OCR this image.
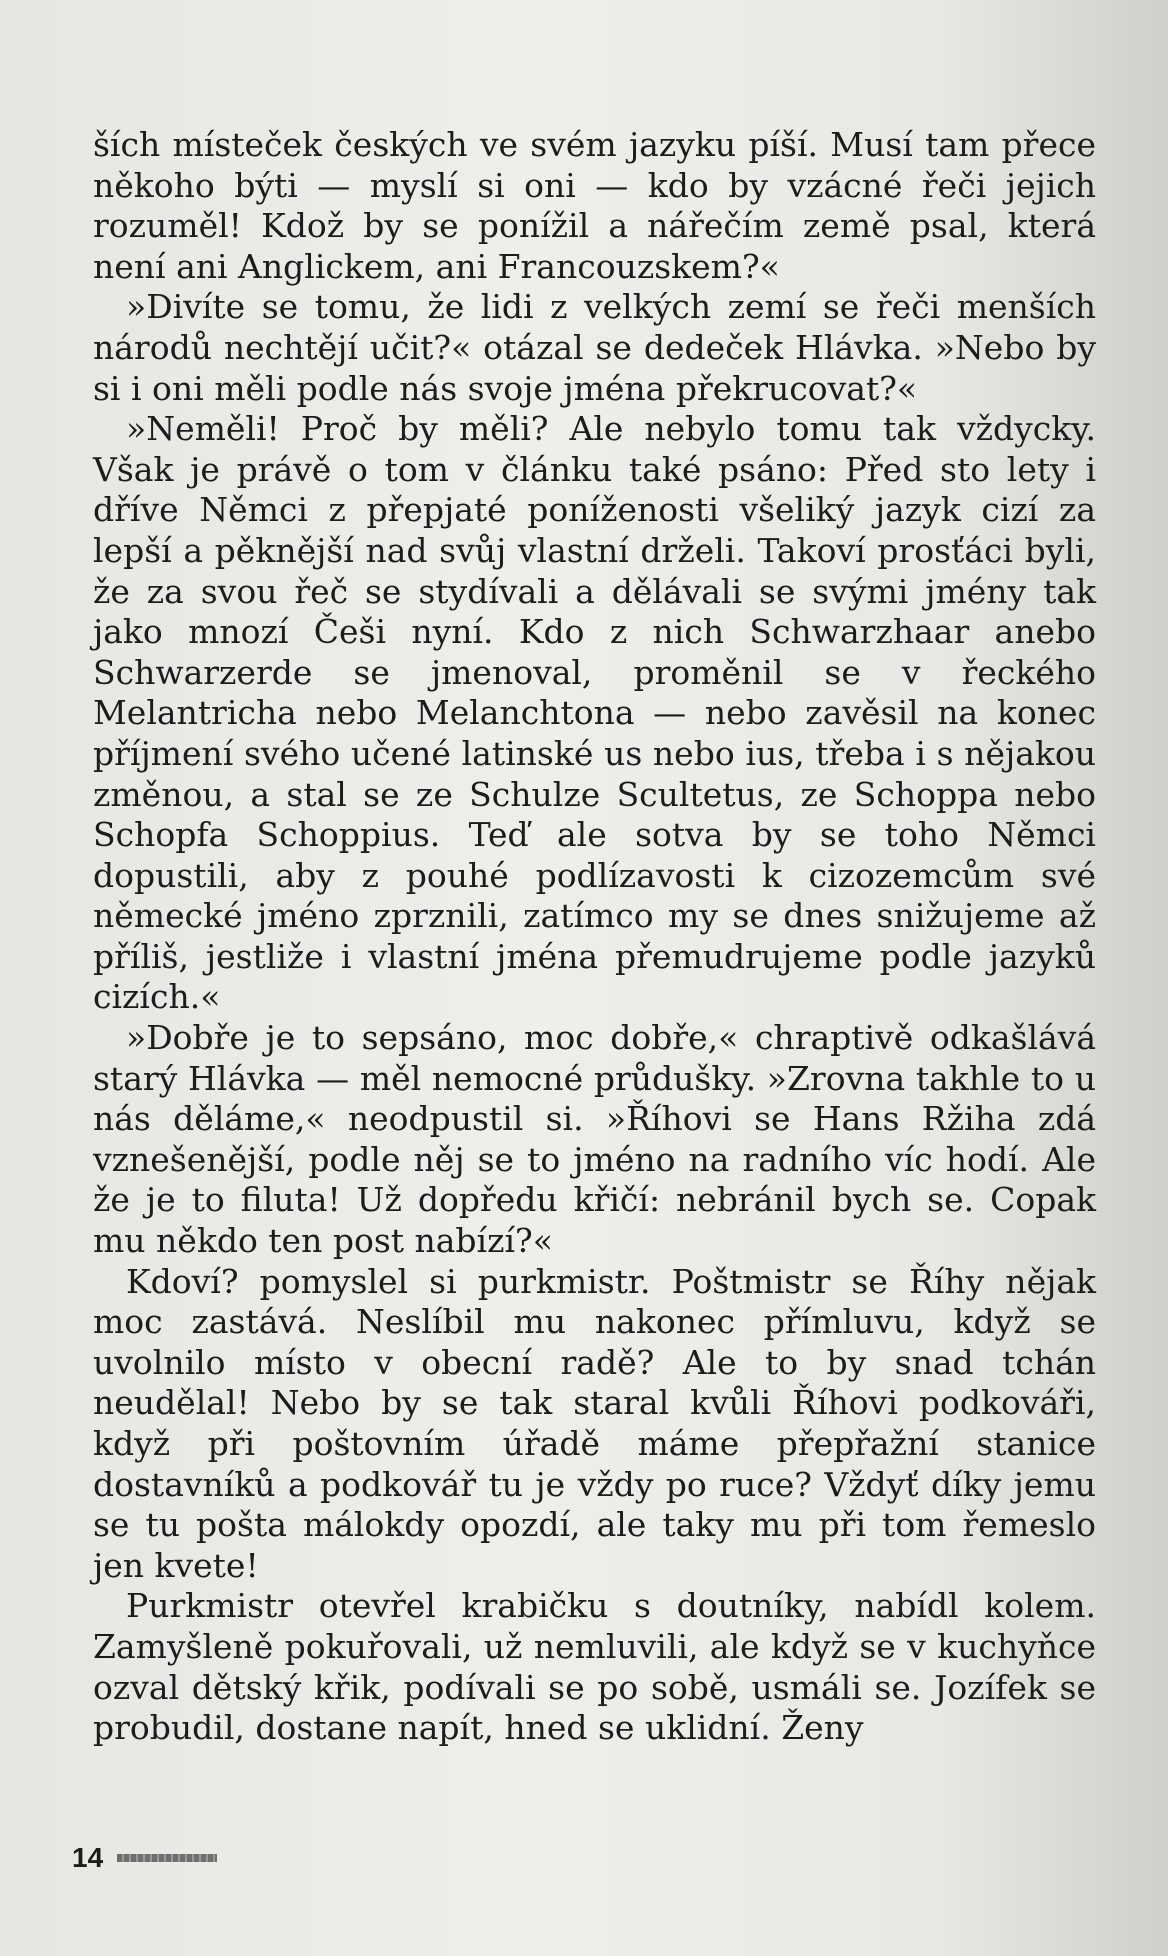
ších místeček českých ve svém jazyku píší. Musí tam přece někoho býti — myslí si oni — kdo by vzácné řeči jejich rozuměl! Kdož by se ponížil a nářečím země psal, která není ani Anglickem, ani Francouzskem?«

»Divíte se tomu, že lidi z velkých zemí se řeči menších národů nechtějí učit?« otázal se dedeček Hlávka. »Nebo by si i oni měli podle nás svoje jména překrucovat?«

»Neměli! Proč by měli? Ale nebylo tomu tak vždycky. Však je právě o tom v článku také psáno: Před sto lety i dříve Němci z přepjaté poníženosti všeliký jazyk cizí za lepší a pěknější nad svůj vlastní drželi. Takoví prosťáci byli, že za svou řeč se stydívali a dělávali se svými jmény tak jako mnozí Češi nyní. Kdo z nich Schwarzhaar anebo Schwarzerde se jmenoval, proměnil se v řeckého Melantricha nebo Melanchtona — nebo zavěsil na konec příjmení svého učené latinské us nebo ius, třeba i s nějakou změnou, a stal se ze Schulze Scultetus, ze Schoppa nebo Schopfa Schoppius. Teď ale sotva by se toho Němci dopustili, aby z pouhé podlízavosti k cizozemcům své německé jméno zprznili, zatímco my se dnes snižujeme až příliš, jestliže i vlastní jména přemudrujeme podle jazyků cizích.«

»Dobře je to sepsáno, moc dobře,« chraptivě odkašlává starý Hlávka — měl nemocné průdušky. »Zrovna takhle to u nás děláme,« neodpustil si. »Říhovi se Hans Ržiha zdá vznešenější, podle něj se to jméno na radního víc hodí. Ale že je to filuta! Už dopředu křičí: nebránil bych se. Copak mu někdo ten post nabízí?«

Kdoví? pomyslel si purkmistr. Poštmistr se Říhy nějak moc zastává. Neslíbil mu nakonec přímluvu, když se uvolnilo místo v obecní radě? Ale to by snad tchán neudělal! Nebo by se tak staral kvůli Říhovi podkováři, když při poštovním úřadě máme přepřažní stanice dostavníků a podkovář tu je vždy po ruce? Vždyť díky jemu se tu pošta málokdy opozdí, ale taky mu při tom řemeslo jen kvete!

Purkmistr otevřel krabičku s doutníky, nabídl kolem. Zamyšleně pokuřovali, už nemluvili, ale když se v kuchyňce ozval dětský křik, podívali se po sobě, usmáli se. Jozífek se probudil, dostane napít, hned se uklidní. Ženy

14
